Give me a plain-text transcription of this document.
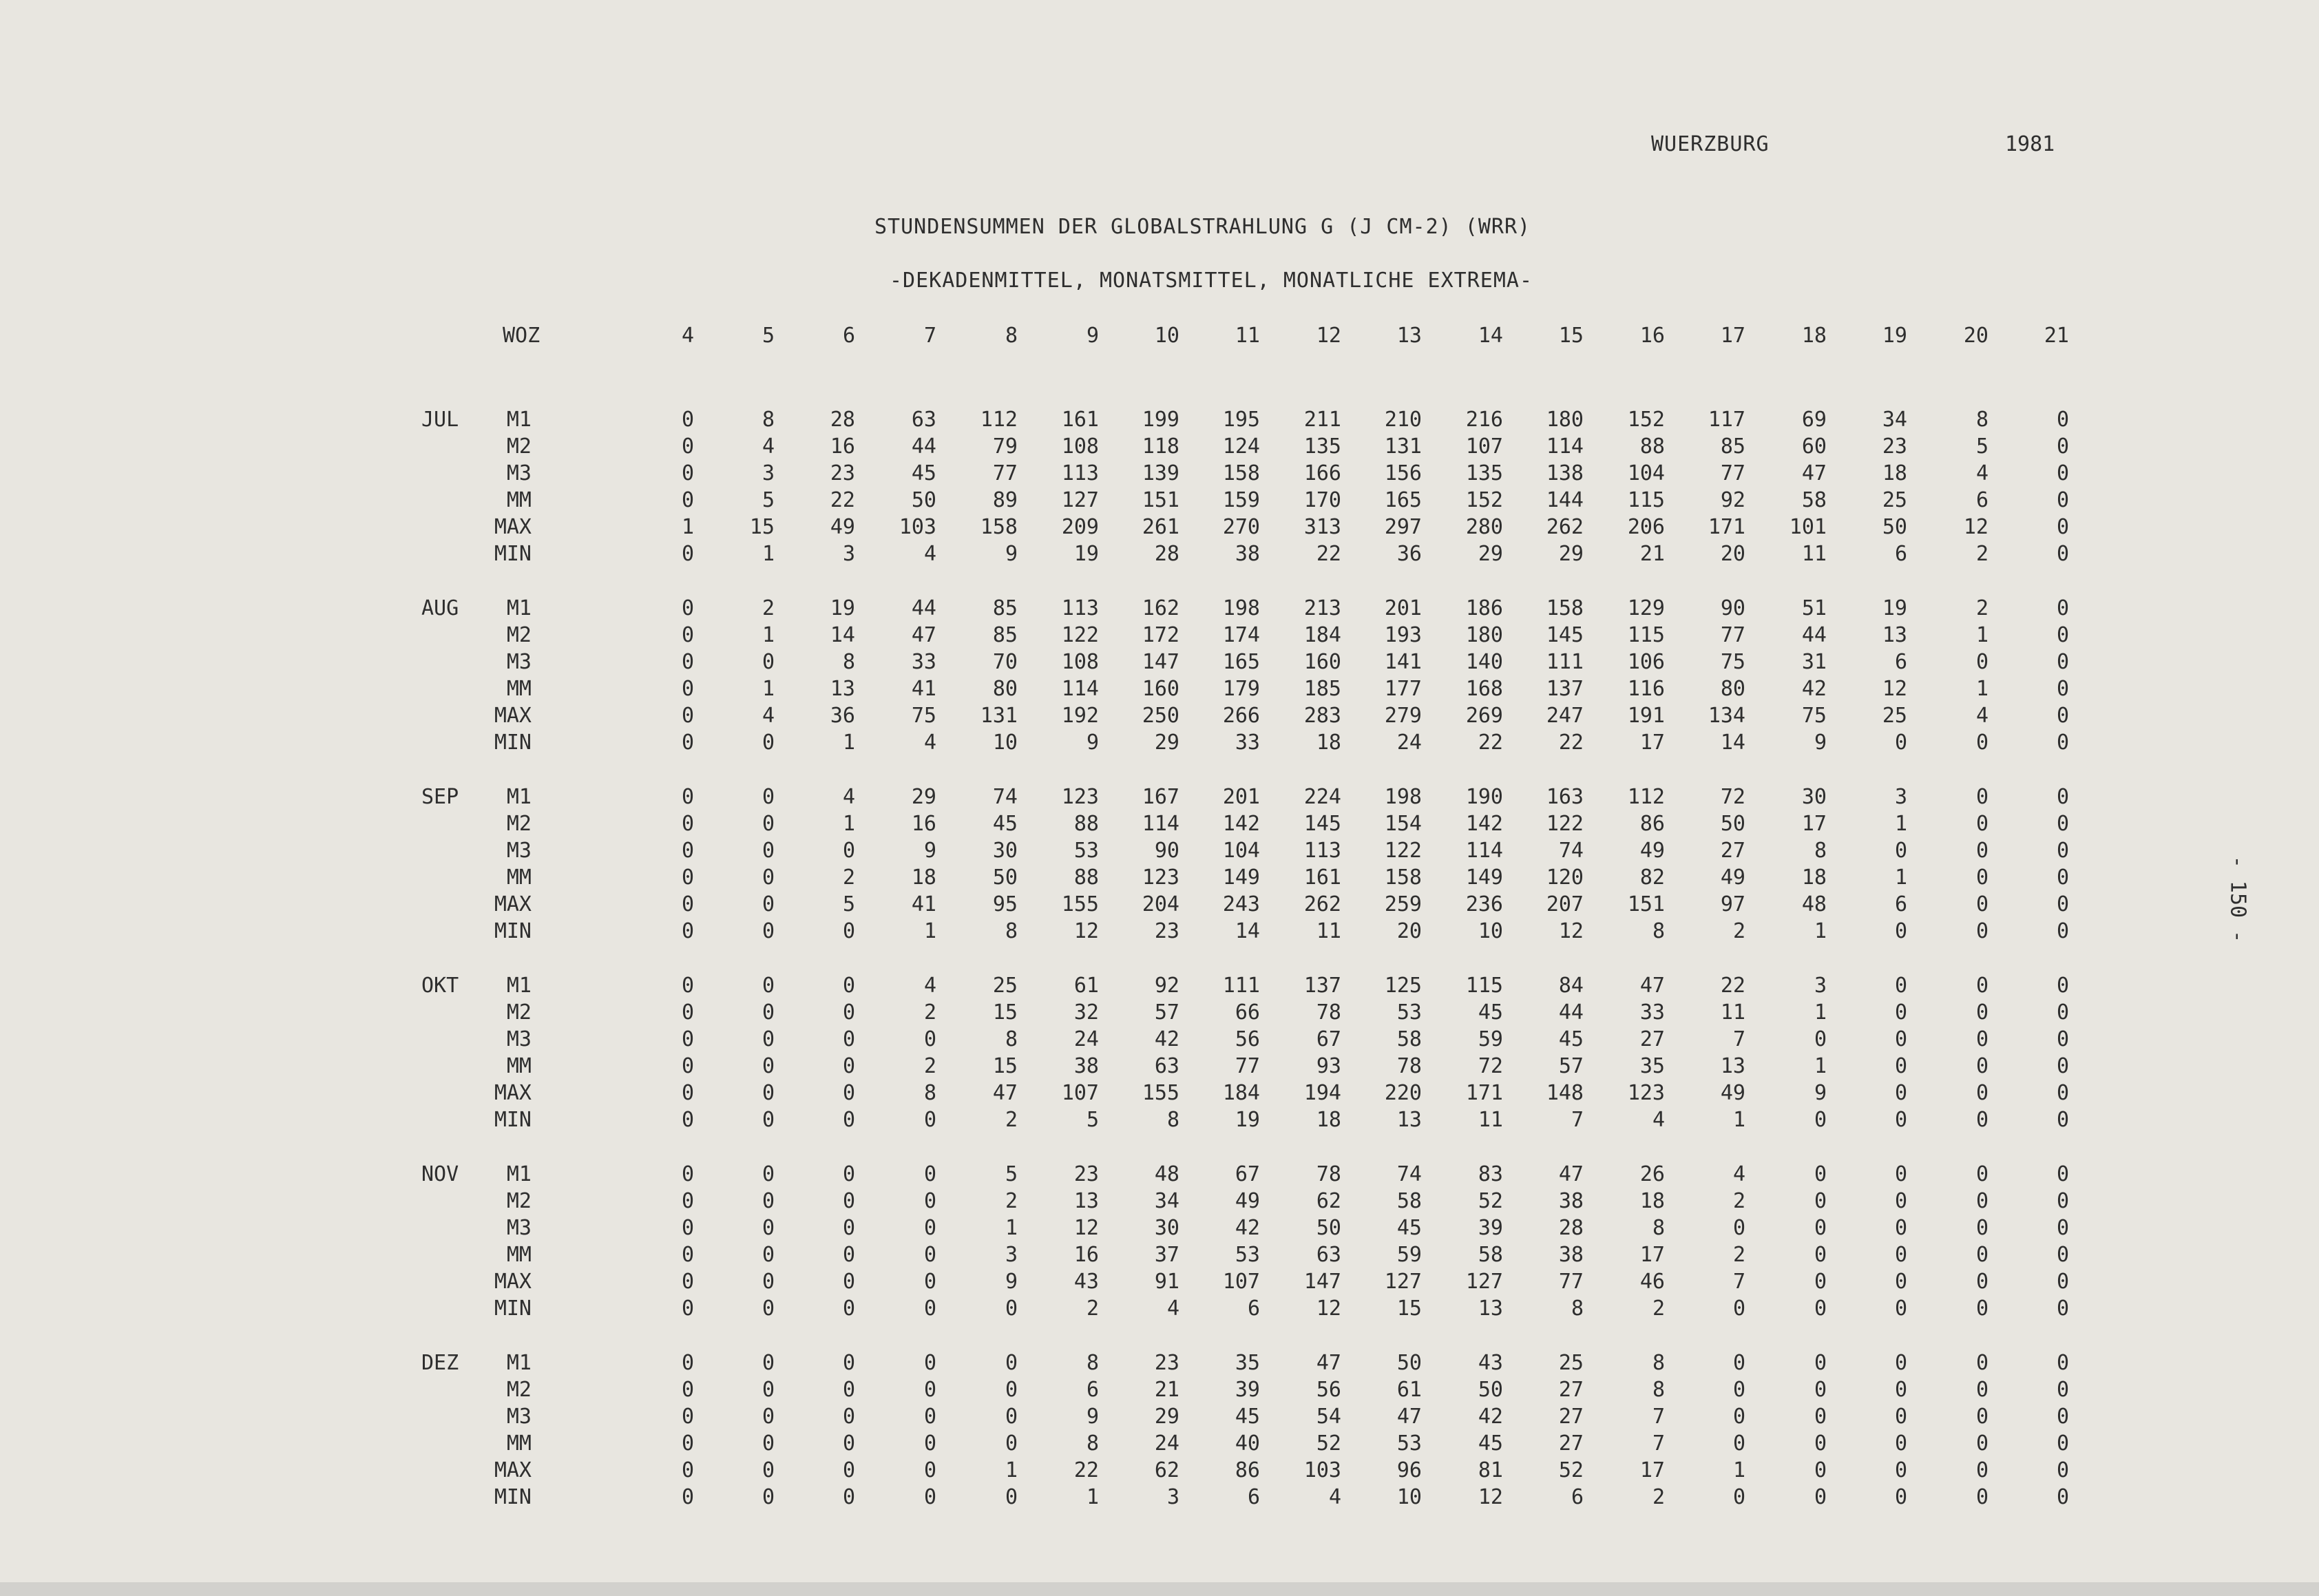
WUERZBURG	1981
STUNDENSUMMEN DER GLOBALSTRAHLUNG G (J CM-2) (WRR)
-DEKADENMITTEL, MONATSMITTEL, MONATLICHE EXTREMA-
- 150 -
WOZ	4	5	6	7	8	9	10	11	12	13	14	15	16	17	18	19	20	21
JUL	M1	0	8	28	63	112	161	199	195	211	210	216	180	152	117	69	34	8	0
M2	0	4	16	44	79	108	118	124	135	131	107	114	88	85	60	23	5	0
M3	0	3	23	45	77	113	139	158	166	156	135	138	104	77	47	18	4	0
MM	0	5	22	50	89	127	151	159	170	165	152	144	115	92	58	25	6	0
MAX	1	15	49	103	158	209	261	270	313	297	280	262	206	171	101	50	12	0
MIN	0	1	3	4	9	19	28	38	22	36	29	29	21	20	11	6	2	0
AUG	M1	0	2	19	44	85	113	162	198	213	201	186	158	129	90	51	19	2	0
M2	0	1	14	47	85	122	172	174	184	193	180	145	115	77	44	13	1	0
M3	0	0	8	33	70	108	147	165	160	141	140	111	106	75	31	6	0	0
MM	0	1	13	41	80	114	160	179	185	177	168	137	116	80	42	12	1	0
MAX	0	4	36	75	131	192	250	266	283	279	269	247	191	134	75	25	4	0
MIN	0	0	1	4	10	9	29	33	18	24	22	22	17	14	9	0	0	0
SEP	M1	0	0	4	29	74	123	167	201	224	198	190	163	112	72	30	3	0	0
M2	0	0	1	16	45	88	114	142	145	154	142	122	86	50	17	1	0	0
M3	0	0	0	9	30	53	90	104	113	122	114	74	49	27	8	0	0	0
MM	0	0	2	18	50	88	123	149	161	158	149	120	82	49	18	1	0	0
MAX	0	0	5	41	95	155	204	243	262	259	236	207	151	97	48	6	0	0
MIN	0	0	0	1	8	12	23	14	11	20	10	12	8	2	1	0	0	0
OKT	M1	0	0	0	4	25	61	92	111	137	125	115	84	47	22	3	0	0	0
M2	0	0	0	2	15	32	57	66	78	53	45	44	33	11	1	0	0	0
M3	0	0	0	0	8	24	42	56	67	58	59	45	27	7	0	0	0	0
MM	0	0	0	2	15	38	63	77	93	78	72	57	35	13	1	0	0	0
MAX	0	0	0	8	47	107	155	184	194	220	171	148	123	49	9	0	0	0
MIN	0	0	0	0	2	5	8	19	18	13	11	7	4	1	0	0	0	0
NOV	M1	0	0	0	0	5	23	48	67	78	74	83	47	26	4	0	0	0	0
M2	0	0	0	0	2	13	34	49	62	58	52	38	18	2	0	0	0	0
M3	0	0	0	0	1	12	30	42	50	45	39	28	8	0	0	0	0	0
MM	0	0	0	0	3	16	37	53	63	59	58	38	17	2	0	0	0	0
MAX	0	0	0	0	9	43	91	107	147	127	127	77	46	7	0	0	0	0
MIN	0	0	0	0	0	2	4	6	12	15	13	8	2	0	0	0	0	0
DEZ	M1	0	0	0	0	0	8	23	35	47	50	43	25	8	0	0	0	0	0
M2	0	0	0	0	0	6	21	39	56	61	50	27	8	0	0	0	0	0
M3	0	0	0	0	0	9	29	45	54	47	42	27	7	0	0	0	0	0
MM	0	0	0	0	0	8	24	40	52	53	45	27	7	0	0	0	0	0
MAX	0	0	0	0	1	22	62	86	103	96	81	52	17	1	0	0	0	0
MIN	0	0	0	0	0	1	3	6	4	10	12	6	2	0	0	0	0	0
